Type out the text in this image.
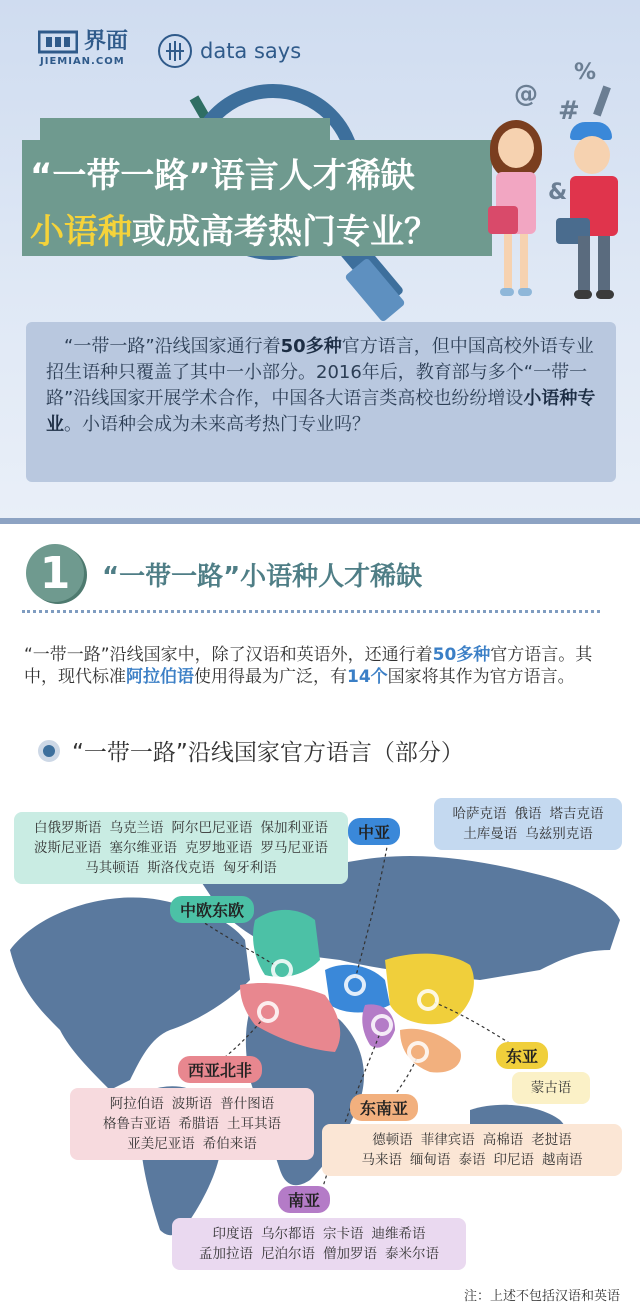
界面
JIEMIAN.COM	data says
“一带一路”语言人才稀缺
小语种或成高考热门专业？
@
%
#
&
 “一带一路”沿线国家通行着50多种官方语言，但中国高校外语专业招生语种只覆盖了其中一小部分。2016年后，教育部与多个“一带一路”沿线国家开展学术合作，中国各大语言类高校也纷纷增设小语种专业。小语种会成为未来高考热门专业吗？
1	“一带一路”小语种人才稀缺
“一带一路”沿线国家中，除了汉语和英语外，还通行着50多种官方语言。其中，现代标准阿拉伯语使用得最为广泛，有14个国家将其作为官方语言。
“一带一路”沿线国家官方语言（部分）
白俄罗斯语 乌克兰语 阿尔巴尼亚语 保加利亚语
波斯尼亚语 塞尔维亚语 克罗地亚语 罗马尼亚语
马其顿语 斯洛伐克语 匈牙利语
中欧东欧
中亚
哈萨克语 俄语 塔吉克语
土库曼语 乌兹别克语
西亚北非
阿拉伯语 波斯语 普什图语
格鲁吉亚语 希腊语 土耳其语
亚美尼亚语 希伯来语
东亚
蒙古语
东南亚
德顿语 菲律宾语 高棉语 老挝语
马来语 缅甸语 泰语 印尼语 越南语
南亚
印度语 乌尔都语 宗卡语 迪维希语
孟加拉语 尼泊尔语 僧加罗语 泰米尔语
注：上述不包括汉语和英语
